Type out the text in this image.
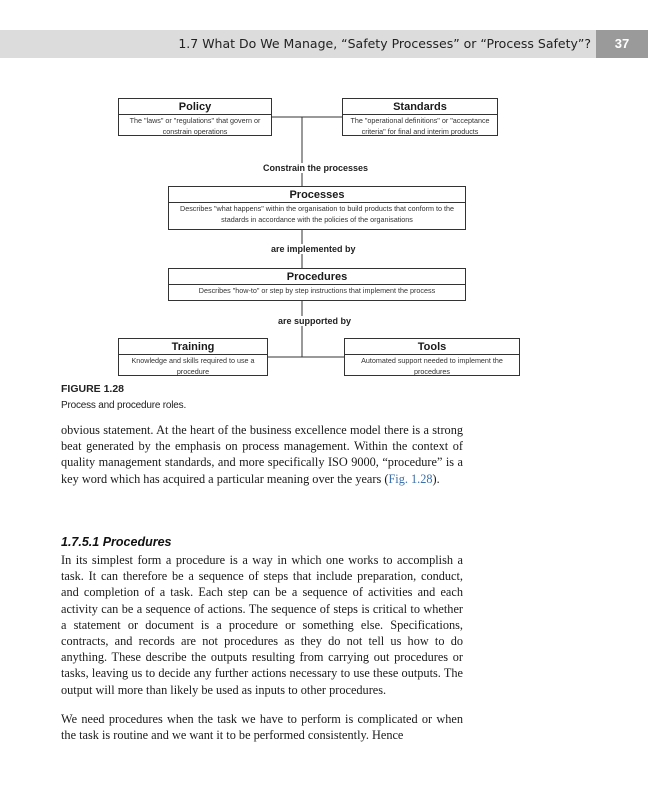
1.7 What Do We Manage, “Safety Processes” or “Process Safety”?	37
Policy
The "laws" or "regulations" that govern or constrain operations
Standards
The "operational definitions" or "acceptance criteria" for final and interim products
Constrain the processes
Processes
Describes "what happens" within the organisation to build products that conform to the stadards in accordance with the policies of the organisations
are implemented by
Procedures
Describes "how-to" or step by step instructions that implement the process
are supported by
Training
Knowledge and skills required to use a procedure
Tools
Automated support needed to implement the procedures
FIGURE 1.28
Process and procedure roles.

obvious statement. At the heart of the business excellence model there is a strong beat generated by the emphasis on process management. Within the context of quality management standards, and more specifically ISO 9000, “procedure” is a key word which has acquired a particular meaning over the years (Fig. 1.28).

1.7.5.1 Procedures

In its simplest form a procedure is a way in which one works to accomplish a task. It can therefore be a sequence of steps that include preparation, conduct, and completion of a task. Each step can be a sequence of activities and each activity can be a sequence of actions. The sequence of steps is critical to whether a statement or document is a procedure or something else. Specifications, contracts, and records are not procedures as they do not tell us how to do anything. These describe the outputs resulting from carrying out procedures or tasks, leaving us to decide any further actions necessary to use these outputs. The output will more than likely be used as inputs to other procedures.

We need procedures when the task we have to perform is complicated or when the task is routine and we want it to be performed consistently. Hence
